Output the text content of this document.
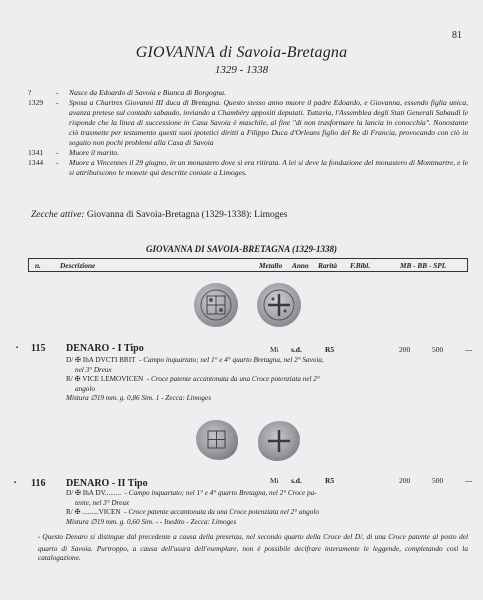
81
GIOVANNA di Savoia-Bretagna
1329 - 1338
?	-	Nasce da Edoardo di Savoia e Bianca di Borgogna.
1329	-	Sposa a Chartres Giovanni III duca di Bretagna. Questo stesso anno muore il padre Edoardo, e Giovanna, essendo figlia unica, avanza pretese sul contado sabaudo, inviando a Chambéry appositi deputati. Tuttavia, l'Assemblea degli Stati Generali Sabaudi le risponde che la linea di successione in Casa Savoia è maschile, al fine "di non trasformare la lancia in conocchia". Nonostante ciò trasmette per testamento questi suoi ipotetici diritti a Filippo Duca d'Orleans figlio del Re di Francia, provocando con ciò in seguito non pochi problemi alla Casa di Savoia
1341	-	Muore il marito.
1344	-	Muore a Vincennes il 29 giugno, in un monastero dove si era ritirata. A lei si deve la fondazione del monastero di Montmartre, e le si attribuiscono le monete qui descritte coniate a Limoges.
Zecche attive: Giovanna di Savoia-Bretagna (1329-1338): Limoges
GIOVANNA DI SAVOIA-BRETAGNA (1329-1338)
n.	Descrizione	Metallo Anno Rarità F.Bibl.	MB - BB - SPL
▪ 115 DENARO - I Tipo	Mi s.d.	R5	200	500	---
D/ ✠ IhA DVCTI BRIT - Campo inquartato; nel 1° e 4° quarto Bretagna, nel 2° Savoia,
nel 3° Dreux
R/ ✠ VICE LEMOVICEN - Croce patente accantonata da una Croce potenziata nel 2°
angolo
Mistura ∅19 mm. g. 0,86 Sim. 1 - Zecca: Limoges
▪ 116 DENARO - II Tipo	Mi s.d.	R5	200	500	---
D/ ✠ IhA DV......... - Campo inquartato; nel 1° e 4° quarto Bretagna, nel 2° Croce pa-
tente, nel 3° Dreux
R/ ✠ .........VICEN - Croce patente accantonata da una Croce potenziata nel 2° angolo
Mistura ∅19 mm. g. 0,60 Sim. - - Inedito - Zecca: Limoges
• Questo Denaro si distingue dal precedente a causa della presenza, nel secondo quarto della Croce del D/, di una Croce patente al posto del quarto di Savoia. Purtroppo, a causa dell'usura dell'esemplare, non è possibile decifrare interamente le leggende, completando così la catalogazione.
